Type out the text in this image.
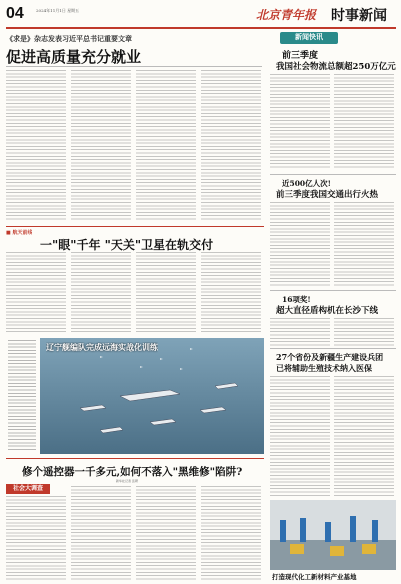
04	2024年11月1日 星期五	北京青年报 时事新闻
《求是》杂志发表习近平总书记重要文章
促进高质量充分就业
新闻快讯
前三季度
我国社会物流总额超250万亿元
近500亿人次!
前三季度我国交通出行火热
16项奖!
超大直径盾构机在长沙下线
27个省份及新疆生产建设兵团
已将辅助生殖技术纳入医保
■ 航天前线
一"眼"千年 "天关"卫星在轨交付
辽宁舰编队完成远海实战化训练
修个遥控器一千多元,如何不落入"黑维修"陷阱?
新华社记者 张研
社会大调查
打造现代化工新材料产业基地
